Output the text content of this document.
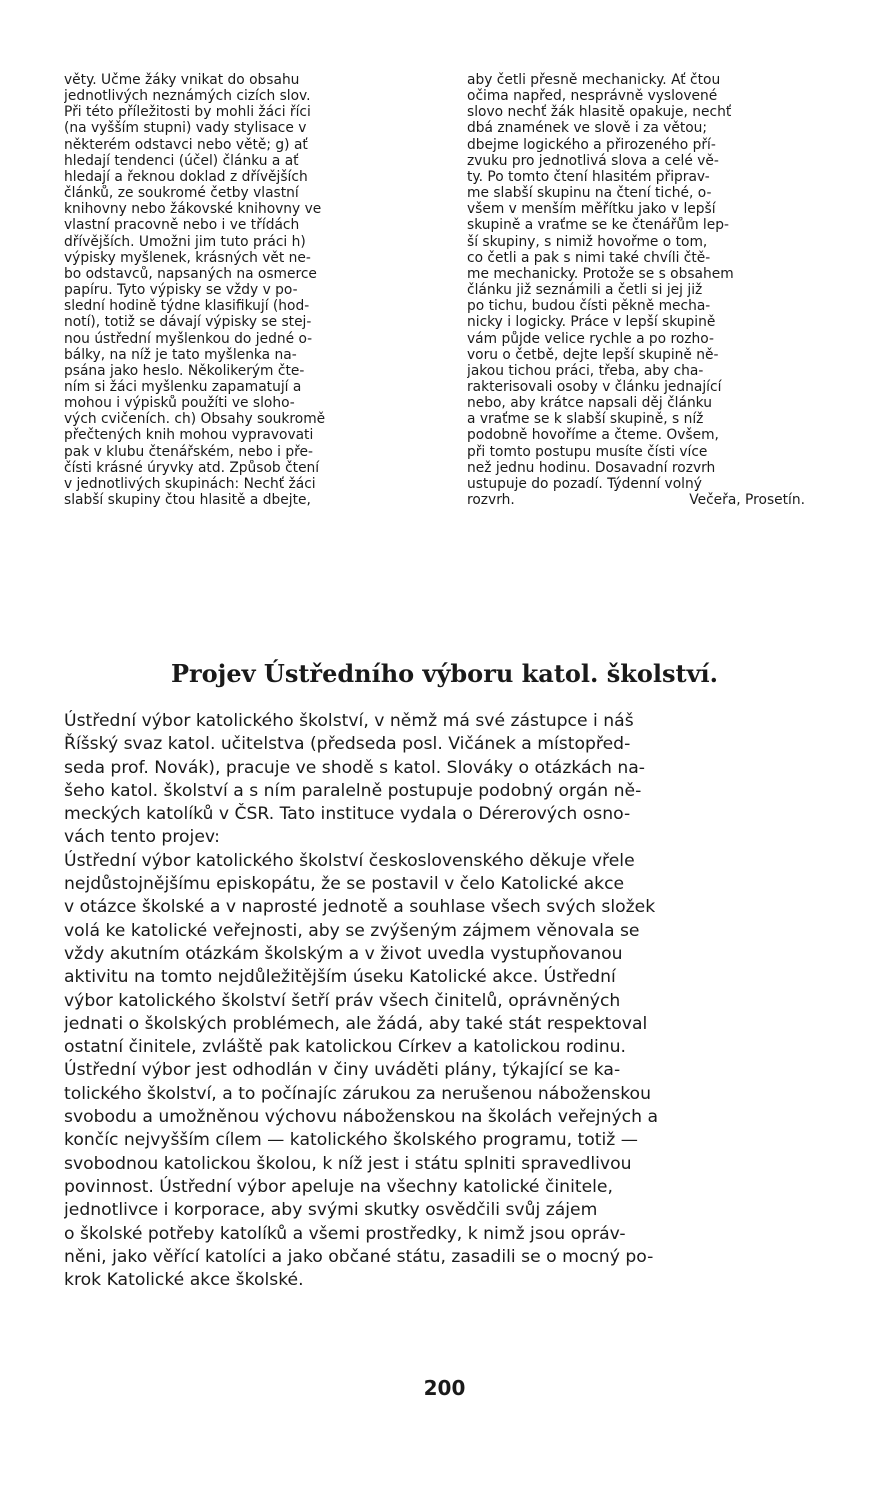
věty. Učme žáky vnikat do obsahu
jednotlivých neznámých cizích slov.
Při této příležitosti by mohli žáci říci
(na vyšším stupni) vady stylisace v
některém odstavci nebo větě; g) ať
hledají tendenci (účel) článku a ať
hledají a řeknou doklad z dřívějších
článků, ze soukromé četby vlastní
knihovny nebo žákovské knihovny ve
vlastní pracovně nebo i ve třídách
dřívějších. Umožni jim tuto práci h)
výpisky myšlenek, krásných vět ne-
bo odstavců, napsaných na osmerce
papíru. Tyto výpisky se vždy v po-
slední hodině týdne klasifikují (hod-
notí), totiž se dávají výpisky se stej-
nou ústřední myšlenkou do jedné o-
bálky, na níž je tato myšlenka na-
psána jako heslo. Několikerým čte-
ním si žáci myšlenku zapamatují a
mohou i výpisků použíti ve sloho-
vých cvičeních. ch) Obsahy soukromě
přečtených knih mohou vypravovati
pak v klubu čtenářském, nebo i pře-
čísti krásné úryvky atd. Způsob čtení
v jednotlivých skupinách: Nechť žáci
slabší skupiny čtou hlasitě a dbejte,
aby četli přesně mechanicky. Ať čtou
očima napřed, nesprávně vyslovené
slovo nechť žák hlasitě opakuje, nechť
dbá znamének ve slově i za větou;
dbejme logického a přirozeného pří-
zvuku pro jednotlivá slova a celé vě-
ty. Po tomto čtení hlasitém připrav-
me slabší skupinu na čtení tiché, o-
všem v menším měřítku jako v lepší
skupině a vraťme se ke čtenářům lep-
ší skupiny, s nimiž hovořme o tom,
co četli a pak s nimi také chvíli čtě-
me mechanicky. Protože se s obsahem
článku již seznámili a četli si jej již
po tichu, budou čísti pěkně mecha-
nicky i logicky. Práce v lepší skupině
vám půjde velice rychle a po rozho-
voru o četbě, dejte lepší skupině ně-
jakou tichou práci, třeba, aby cha-
rakterisovali osoby v článku jednající
nebo, aby krátce napsali děj článku
a vraťme se k slabší skupině, s níž
podobně hovoříme a čteme. Ovšem,
při tomto postupu musíte čísti více
než jednu hodinu. Dosavadní rozvrh
ustupuje do pozadí. Týdenní volný
rozvrh.	Večeřa, Prosetín.
Projev Ústředního výboru katol. školství.
Ústřední výbor katolického školství, v němž má své zástupce i náš
Říšský svaz katol. učitelstva (předseda posl. Vičánek a místopřed-
seda prof. Novák), pracuje ve shodě s katol. Slováky o otázkách na-
šeho katol. školství a s ním paralelně postupuje podobný orgán ně-
meckých katolíků v ČSR. Tato instituce vydala o Dérerových osno-
vách tento projev:
Ústřední výbor katolického školství československého děkuje vřele
nejdůstojnějšímu episkopátu, že se postavil v čelo Katolické akce
v otázce školské a v naprosté jednotě a souhlase všech svých složek
volá ke katolické veřejnosti, aby se zvýšeným zájmem věnovala se
vždy akutním otázkám školským a v život uvedla vystupňovanou
aktivitu na tomto nejdůležitějším úseku Katolické akce. Ústřední
výbor katolického školství šetří práv všech činitelů, oprávněných
jednati o školských problémech, ale žádá, aby také stát respektoval
ostatní činitele, zvláště pak katolickou Církev a katolickou rodinu.
Ústřední výbor jest odhodlán v činy uváděti plány, týkající se ka-
tolického školství, a to počínajíc zárukou za nerušenou náboženskou
svobodu a umožněnou výchovu náboženskou na školách veřejných a
končíc nejvyšším cílem — katolického školského programu, totiž —
svobodnou katolickou školou, k níž jest i státu splniti spravedlivou
povinnost. Ústřední výbor apeluje na všechny katolické činitele,
jednotlivce i korporace, aby svými skutky osvědčili svůj zájem
o školské potřeby katolíků a všemi prostředky, k nimž jsou opráv-
něni, jako věřící katolíci a jako občané státu, zasadili se o mocný po-
krok Katolické akce školské.
200
